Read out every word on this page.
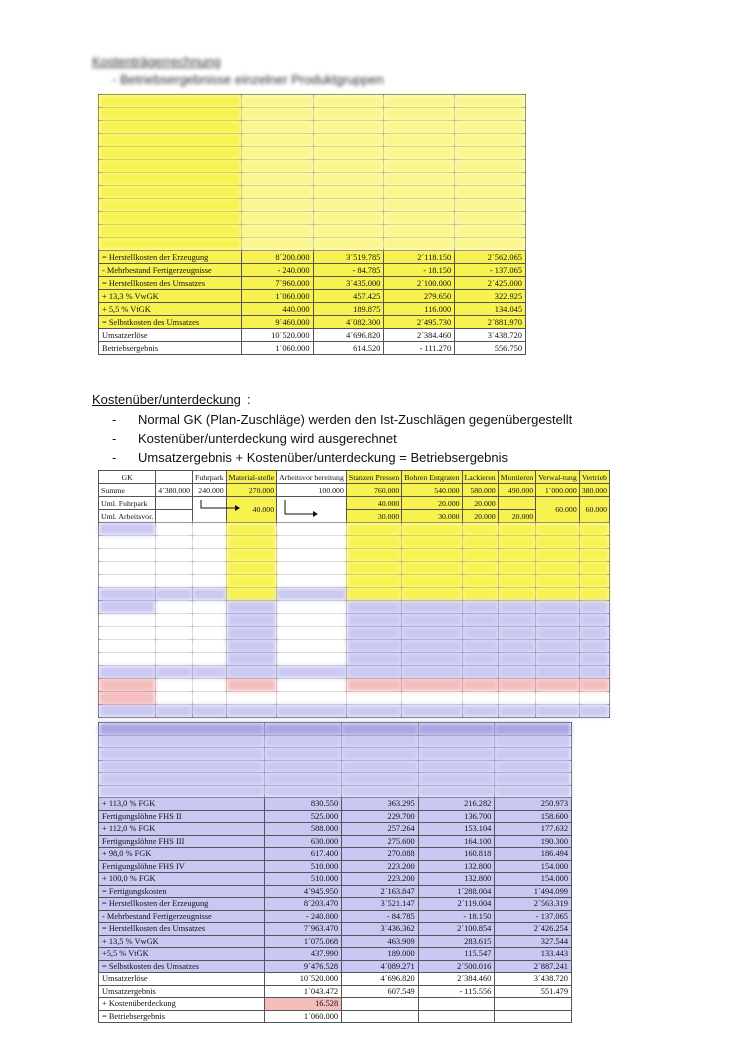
Kostenträgerrechnung
- Betriebsergebnisse einzelner Produktgruppen

= Herstellkosten der Erzeugung	8´200.000	3´519.785	2´118.150	2´562.065
- Mehrbestand Fertigerzeugnisse	- 240.000	- 84.785	- 18.150	- 137.065
= Herstellkosten des Umsatzes	7´960.000	3´435.000	2´100.000	2´425.000
+ 13,3 % VwGK	1´060.000	457.425	279.650	322.925
+ 5,5 % VtGK	440.000	189.875	116.000	134.045
= Selbstkosten des Umsatzes	9´460.000	4´082.300	2´495.730	2´881.970
Umsatzerlöse	10´520.000	4´696.820	2´384.460	3´438.720
Betriebsergebnis	1´060.000	614.520	- 111.270	556.750
Kostenüber/unterdeckung :
- Normal GK (Plan-Zuschläge) werden den Ist-Zuschlägen gegenübergestellt
- Kostenüber/unterdeckung wird ausgerechnet
- Umsatzergebnis + Kostenüber/unterdeckung = Betriebsergebnis
GK		Fuhrpark	Material-stelle	Arbeitsvor bereitung	Stanzen Pressen	Bohren Entgraten	Lackieren	Montieren	Verwal-tung	Vertrieb
Summe	4´380.000	240.000	270.000	100.000	760.000	540.000	580.000	490.000	1´000.000	380.000
Uml. Fuhrpark			40.000		40.000	20.000	20.000		60.000	60.000
Uml. Arbeitsvor.					30.000	30.000	20.000	20.000		

+ 113,0 % FGK	830.550	363.295	216.282	250.973
Fertigungslöhne FHS II	525.000	229.700	136.700	158.600
+ 112,0 % FGK	588.000	257.264	153.104	177.632
Fertigungslöhne FHS III	630.000	275.600	164.100	190.300
+ 98,0 % FGK	617.400	270.088	160.818	186.494
Fertigungslöhne FHS IV	510.000	223.200	132.800	154.000
+ 100,0 % FGK	510.000	223.200	132.800	154.000
= Fertigungskosten	4´945.950	2´163.847	1´288.004	1´494.099
= Herstellkosten der Erzeugung	8´203.470	3´521.147	2´119.004	2´563.319
- Mehrbestand Fertigerzeugnisse	- 240.000	- 84.785	- 18.150	- 137.065
= Herstellkosten des Umsatzes	7´963.470	3´436.362	2´100.854	2´426.254
+ 13,5 % VwGK	1´075.068	463.909	283.615	327.544
+5,5 % VtGK	437.990	189.000	115.547	133.443
= Selbstkosten des Umsatzes	9´476.528	4´089.271	2´500.016	2´887.241
Umsatzerlöse	10´520.000	4´696.820	2´384.460	3´438.720
Umsatzergebnis	1´043.472	607.549	- 115.556	551.479
+ Kostenüberdeckung	16.528			
= Betriebsergebnis	1´060.000			
